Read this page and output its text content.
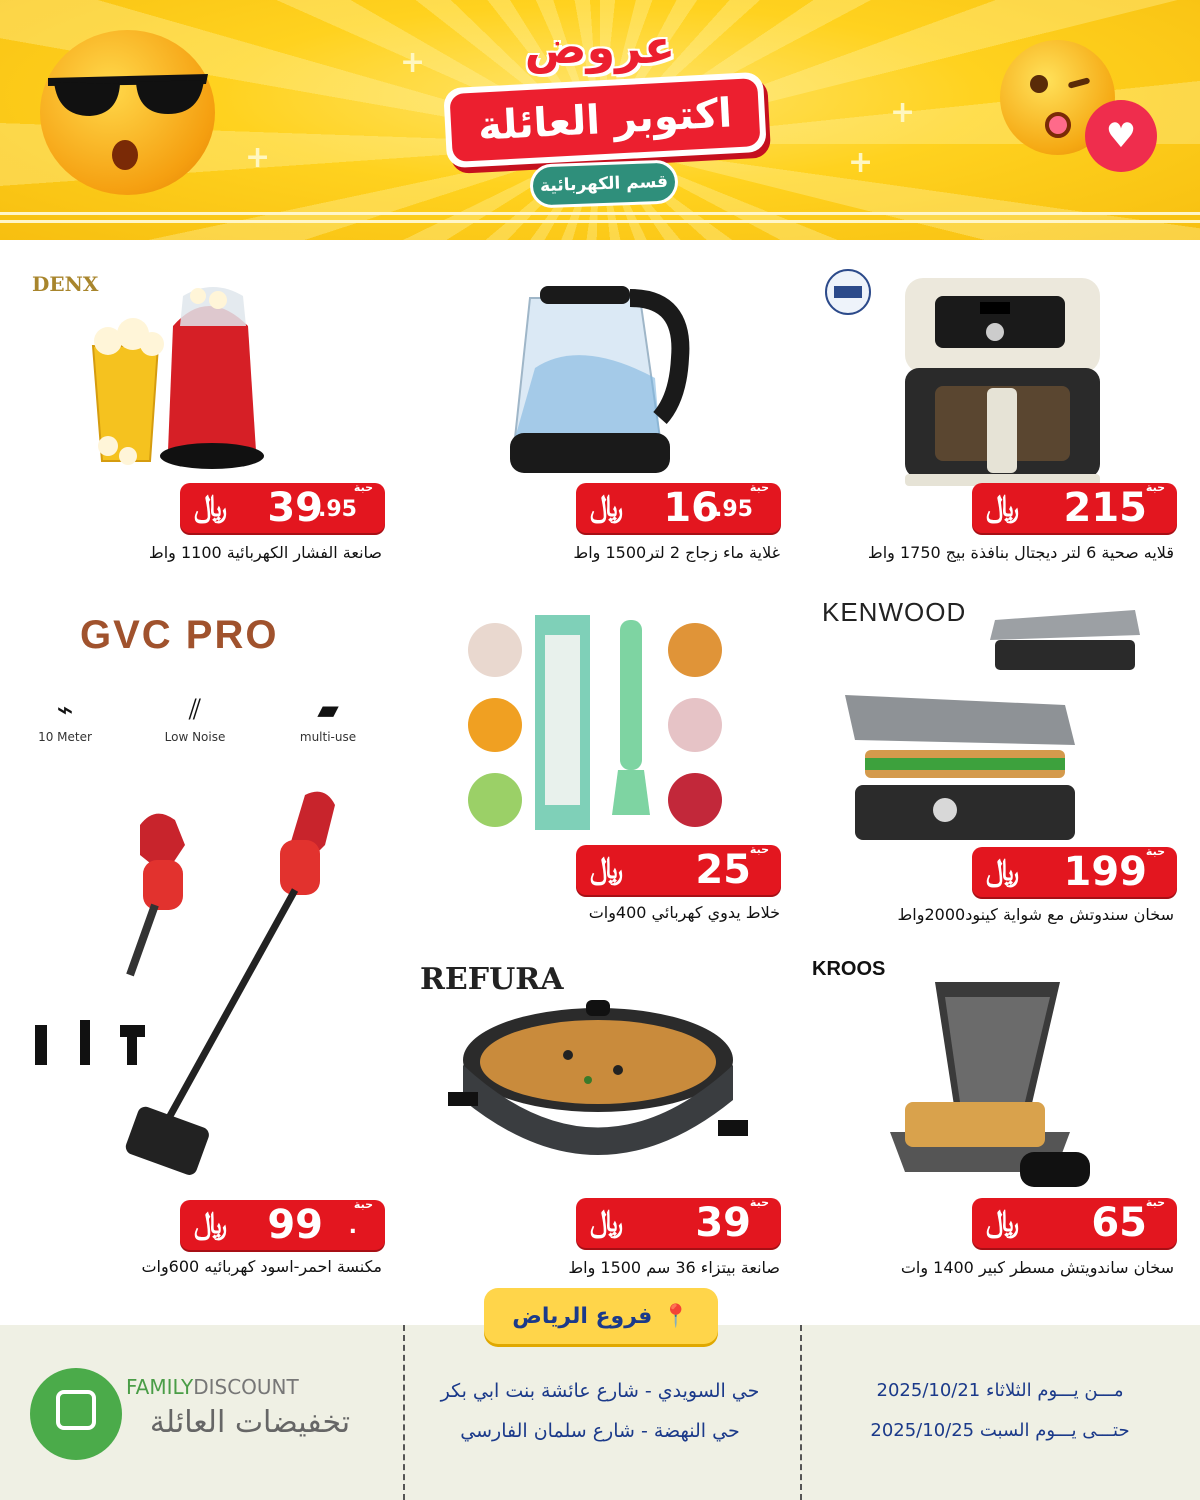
+
+
+
+
♥
عروض
اكتوبر العائلة
قسم الكهربائية
﷼ 215
حبة
قلايه صحية 6 لتر ديجتال بنافذة بيج 1750 واط
﷼ 16
.95
حبة
غلاية ماء زجاج 2 لتر1500 واط
DENX
﷼ 39
.95
حبة
صانعة الفشار الكهربائية 1100 واط
KENWOOD
﷼ 199
حبة
سخان سندوتش مع شواية كينود2000واط
﷼ 25
حبة
خلاط يدوي كهربائي 400وات
GVC PRO
﷼ 99 .
حبة
مكنسة احمر-اسود كهربائيه 600وات
⌁
10 Meter
⫽
Low Noise
▰
multi-use
KROOS
﷼ 65
حبة
سخان ساندويتش مسطر كبير 1400 وات
REFURA
﷼ 39
حبة
صانعة بيتزاء 36 سم 1500 واط
📍
فروع الرياض
حي السويدي - شارع عائشة بنت ابي بكر
حي النهضة - شارع سلمان الفارسي
مـــن يـــوم الثلاثاء 2025/10/21
حتـــى يـــوم السبت 2025/10/25
FAMILYDISCOUNT
تخفيضات العائلة
